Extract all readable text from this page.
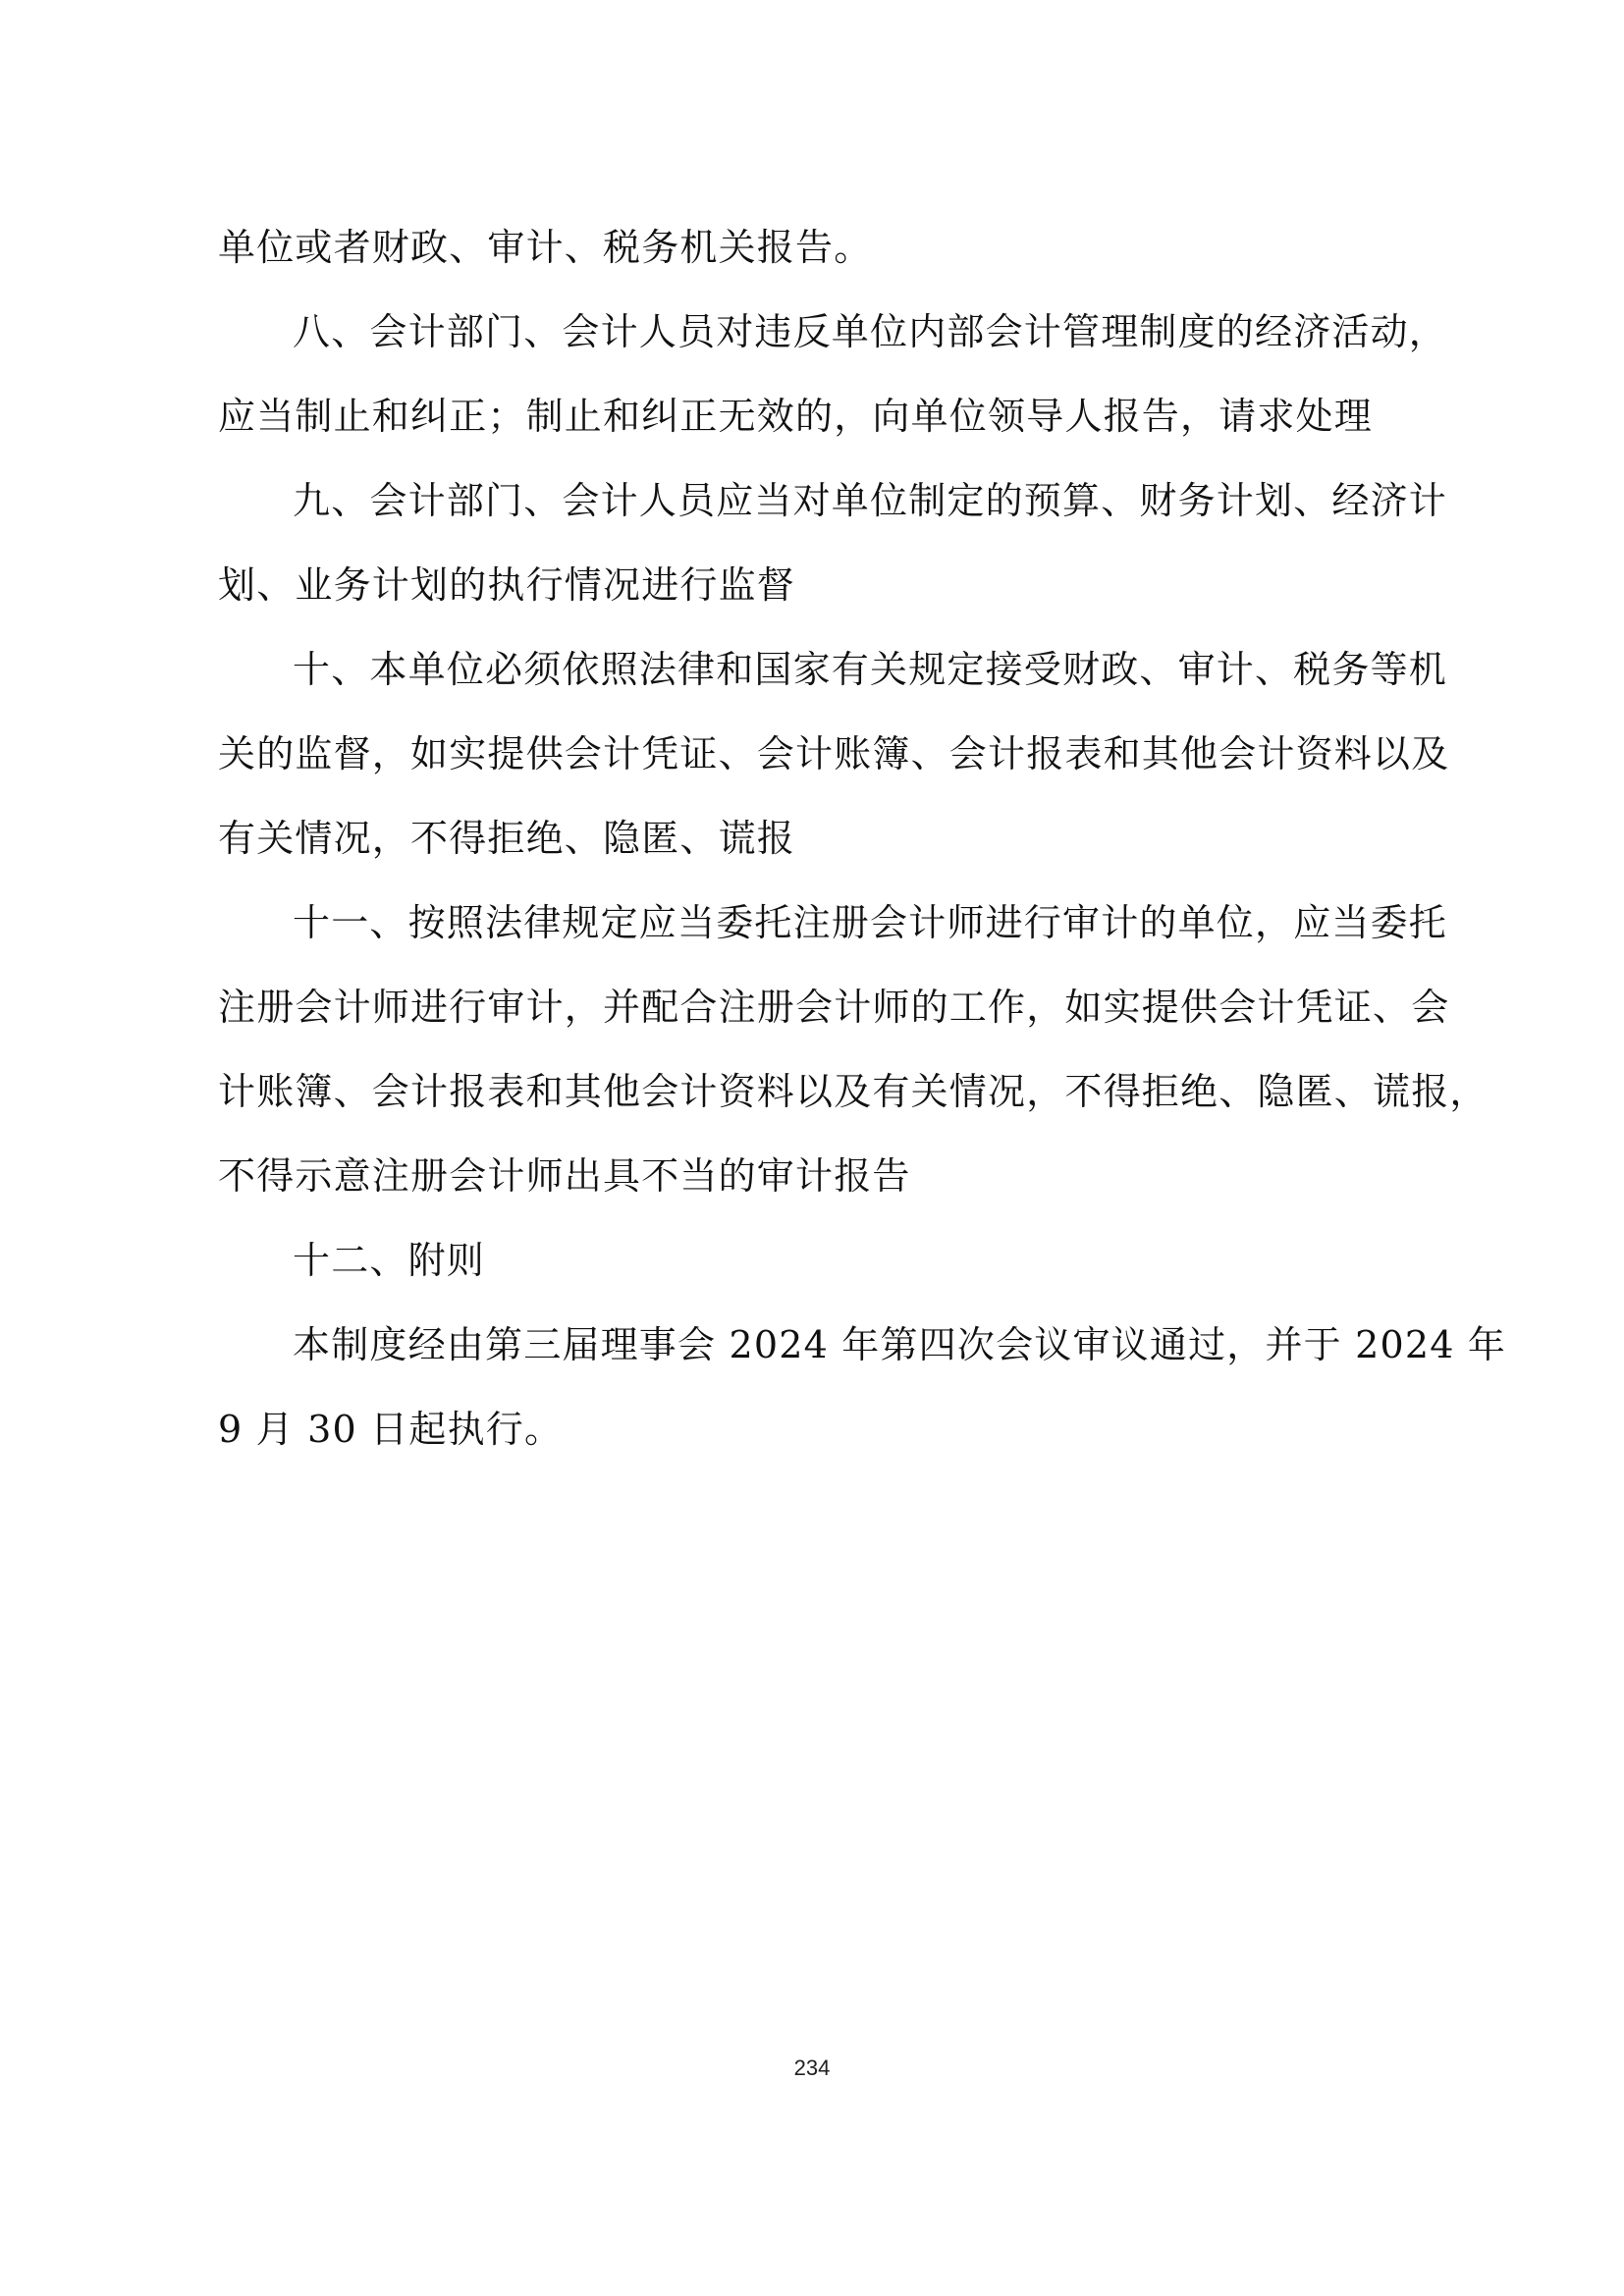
单位或者财政、审计、税务机关报告。
八、会计部门、会计人员对违反单位内部会计管理制度的经济活动，
应当制止和纠正；制止和纠正无效的，向单位领导人报告，请求处理
九、会计部门、会计人员应当对单位制定的预算、财务计划、经济计
划、业务计划的执行情况进行监督
十、本单位必须依照法律和国家有关规定接受财政、审计、税务等机
关的监督，如实提供会计凭证、会计账簿、会计报表和其他会计资料以及
有关情况，不得拒绝、隐匿、谎报
十一、按照法律规定应当委托注册会计师进行审计的单位，应当委托
注册会计师进行审计，并配合注册会计师的工作，如实提供会计凭证、会
计账簿、会计报表和其他会计资料以及有关情况，不得拒绝、隐匿、谎报，
不得示意注册会计师出具不当的审计报告
十二、附则
本制度经由第三届理事会 2024 年第四次会议审议通过，并于 2024 年
9 月 30 日起执行。
234
